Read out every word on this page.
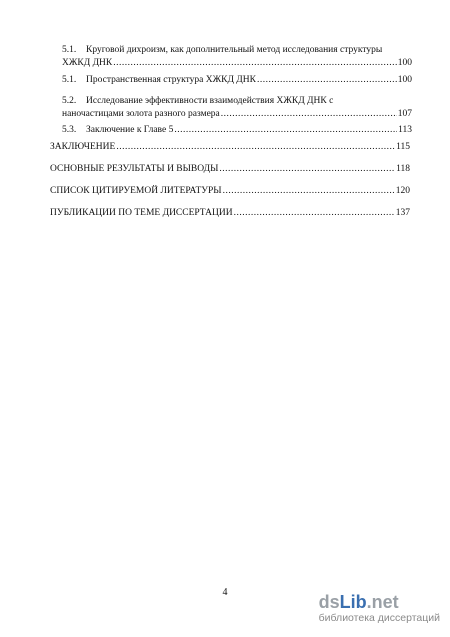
5.1.	Круговой дихроизм, как дополнительный метод исследования структуры
ХЖКД ДНК .....	100
5.1.	Пространственная структура ХЖКД ДНК .....	100
5.2.	Исследование эффективности взаимодействия ХЖКД ДНК с
наночастицами золота разного размера .....	107
5.3.	Заключение к Главе 5 .....	113
ЗАКЛЮЧЕНИЕ .....	115
ОСНОВНЫЕ РЕЗУЛЬТАТЫ И ВЫВОДЫ .....	118
СПИСОК ЦИТИРУЕМОЙ ЛИТЕРАТУРЫ .....	120
ПУБЛИКАЦИИ ПО ТЕМЕ ДИССЕРТАЦИИ .....	137
4	dsLib.net
библиотека диссертаций
